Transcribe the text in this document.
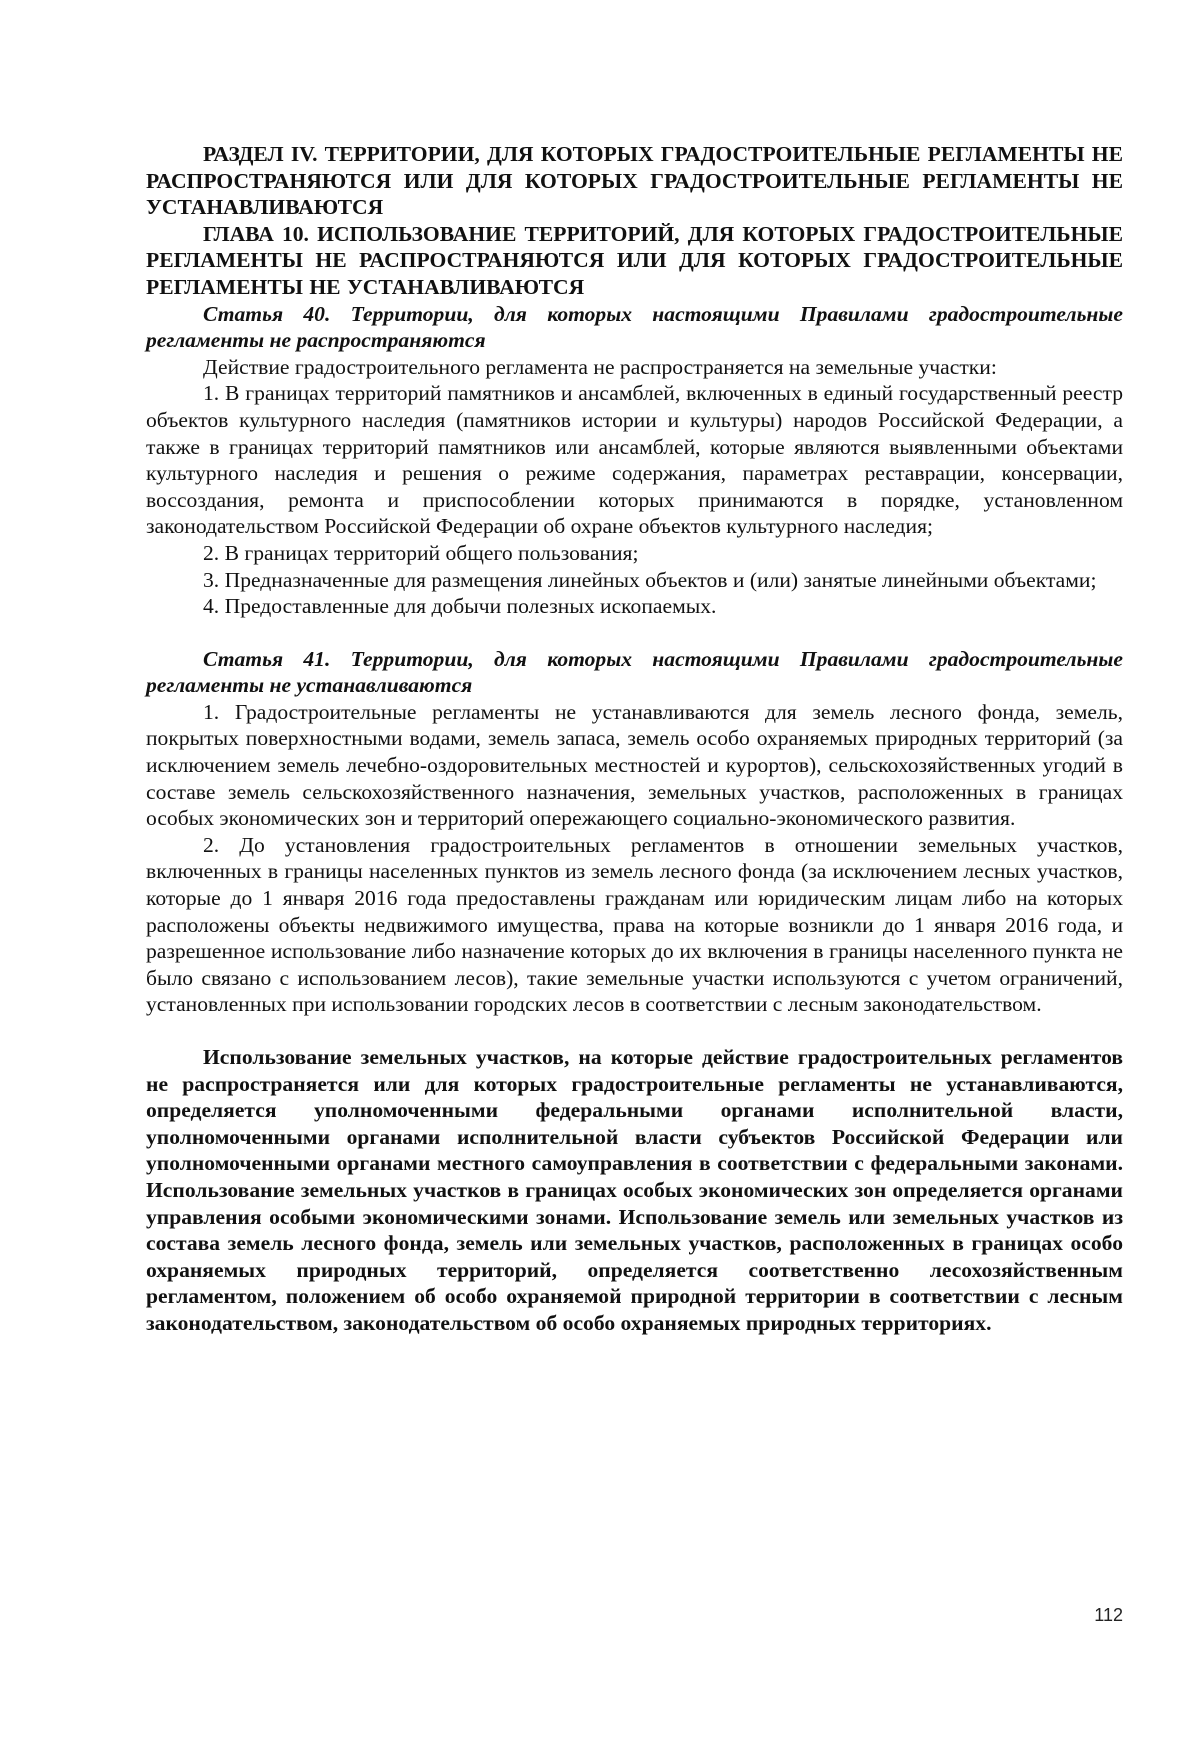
РАЗДЕЛ IV. ТЕРРИТОРИИ, ДЛЯ КОТОРЫХ ГРАДОСТРОИТЕЛЬНЫЕ РЕГЛАМЕНТЫ НЕ РАСПРОСТРАНЯЮТСЯ ИЛИ ДЛЯ КОТОРЫХ ГРАДОСТРОИТЕЛЬНЫЕ РЕГЛАМЕНТЫ НЕ УСТАНАВЛИВАЮТСЯ

ГЛАВА 10. ИСПОЛЬЗОВАНИЕ ТЕРРИТОРИЙ, ДЛЯ КОТОРЫХ ГРАДОСТРОИТЕЛЬНЫЕ РЕГЛАМЕНТЫ НЕ РАСПРОСТРАНЯЮТСЯ ИЛИ ДЛЯ КОТОРЫХ ГРАДОСТРОИТЕЛЬНЫЕ РЕГЛАМЕНТЫ НЕ УСТАНАВЛИВАЮТСЯ

Статья 40. Территории, для которых настоящими Правилами градостроительные регламенты не распространяются

Действие градостроительного регламента не распространяется на земельные участки:

1. В границах территорий памятников и ансамблей, включенных в единый государственный реестр объектов культурного наследия (памятников истории и культуры) народов Российской Федерации, а также в границах территорий памятников или ансамблей, которые являются выявленными объектами культурного наследия и решения о режиме содержания, параметрах реставрации, консервации, воссоздания, ремонта и приспособлении которых принимаются в порядке, установленном законодательством Российской Федерации об охране объектов культурного наследия;

2. В границах территорий общего пользования;

3. Предназначенные для размещения линейных объектов и (или) занятые линейными объектами;

4. Предоставленные для добычи полезных ископаемых.

Статья 41. Территории, для которых настоящими Правилами градостроительные регламенты не устанавливаются

1. Градостроительные регламенты не устанавливаются для земель лесного фонда, земель, покрытых поверхностными водами, земель запаса, земель особо охраняемых природных территорий (за исключением земель лечебно-оздоровительных местностей и курортов), сельскохозяйственных угодий в составе земель сельскохозяйственного назначения, земельных участков, расположенных в границах особых экономических зон и территорий опережающего социально-экономического развития.

2. До установления градостроительных регламентов в отношении земельных участков, включенных в границы населенных пунктов из земель лесного фонда (за исключением лесных участков, которые до 1 января 2016 года предоставлены гражданам или юридическим лицам либо на которых расположены объекты недвижимого имущества, права на которые возникли до 1 января 2016 года, и разрешенное использование либо назначение которых до их включения в границы населенного пункта не было связано с использованием лесов), такие земельные участки используются с учетом ограничений, установленных при использовании городских лесов в соответствии с лесным законодательством.

Использование земельных участков, на которые действие градостроительных регламентов не распространяется или для которых градостроительные регламенты не устанавливаются, определяется уполномоченными федеральными органами исполнительной власти, уполномоченными органами исполнительной власти субъектов Российской Федерации или уполномоченными органами местного самоуправления в соответствии с федеральными законами. Использование земельных участков в границах особых экономических зон определяется органами управления особыми экономическими зонами. Использование земель или земельных участков из состава земель лесного фонда, земель или земельных участков, расположенных в границах особо охраняемых природных территорий, определяется соответственно лесохозяйственным регламентом, положением об особо охраняемой природной территории в соответствии с лесным законодательством, законодательством об особо охраняемых природных территориях.

112
